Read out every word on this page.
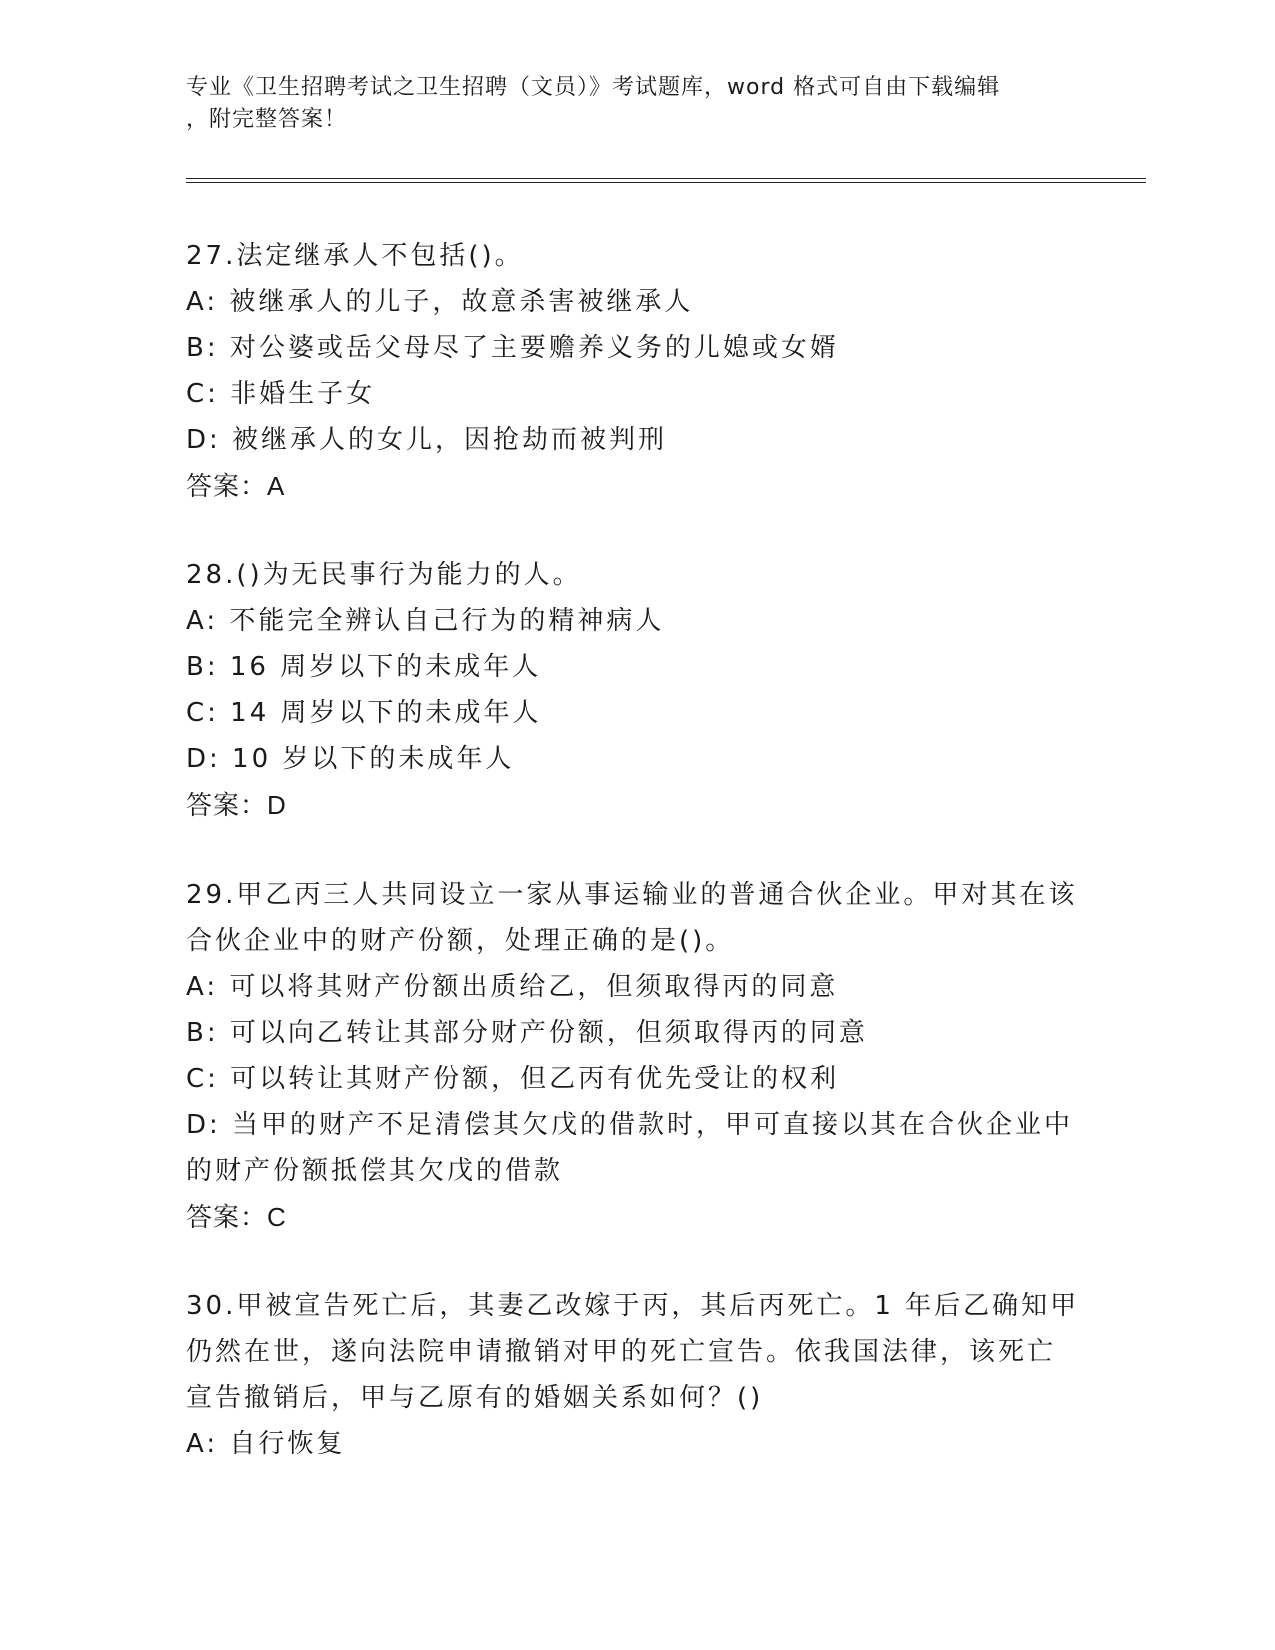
专业《卫生招聘考试之卫生招聘（文员）》考试题库，word 格式可自由下载编辑
，附完整答案！
27.法定继承人不包括()。
A: 被继承人的儿子，故意杀害被继承人
B: 对公婆或岳父母尽了主要赡养义务的儿媳或女婿
C: 非婚生子女
D: 被继承人的女儿，因抢劫而被判刑
答案：A
28.()为无民事行为能力的人。
A: 不能完全辨认自己行为的精神病人
B: 16 周岁以下的未成年人
C: 14 周岁以下的未成年人
D: 10 岁以下的未成年人
答案：D
29.甲乙丙三人共同设立一家从事运输业的普通合伙企业。甲对其在该
合伙企业中的财产份额，处理正确的是()。
A: 可以将其财产份额出质给乙，但须取得丙的同意
B: 可以向乙转让其部分财产份额，但须取得丙的同意
C: 可以转让其财产份额，但乙丙有优先受让的权利
D: 当甲的财产不足清偿其欠戊的借款时，甲可直接以其在合伙企业中
的财产份额抵偿其欠戊的借款
答案：C
30.甲被宣告死亡后，其妻乙改嫁于丙，其后丙死亡。1 年后乙确知甲
仍然在世，遂向法院申请撤销对甲的死亡宣告。依我国法律，该死亡
宣告撤销后，甲与乙原有的婚姻关系如何？()
A: 自行恢复
